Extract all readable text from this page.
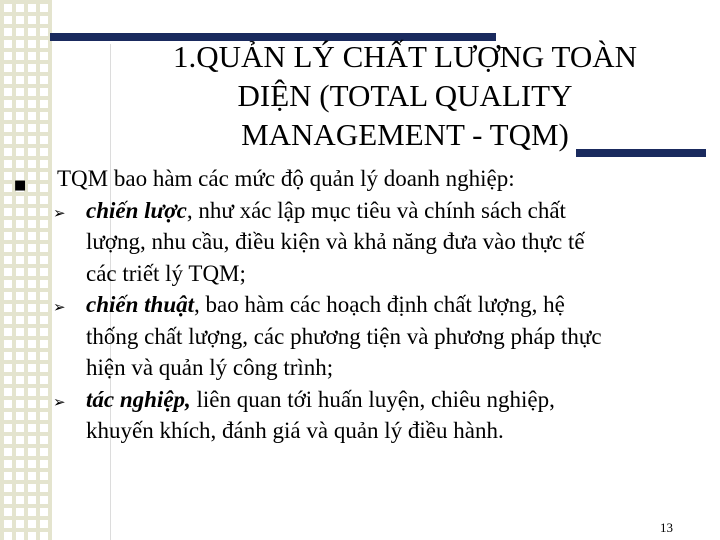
1.QUẢN LÝ CHẤT LƯỢNG TOÀN
DIỆN (TOTAL QUALITY
MANAGEMENT - TQM)
■ TQM bao hàm các mức độ quản lý doanh nghiệp:
➢ chiến lược, như xác lập mục tiêu và chính sách chất
lượng, nhu cầu, điều kiện và khả năng đưa vào thực tế
các triết lý TQM;
➢ chiến thuật, bao hàm các hoạch định chất lượng, hệ
thống chất lượng, các phương tiện và phương pháp thực
hiện và quản lý công trình;
➢ tác nghiệp, liên quan tới huấn luyện, chiêu nghiệp,
khuyến khích, đánh giá và quản lý điều hành.
13
